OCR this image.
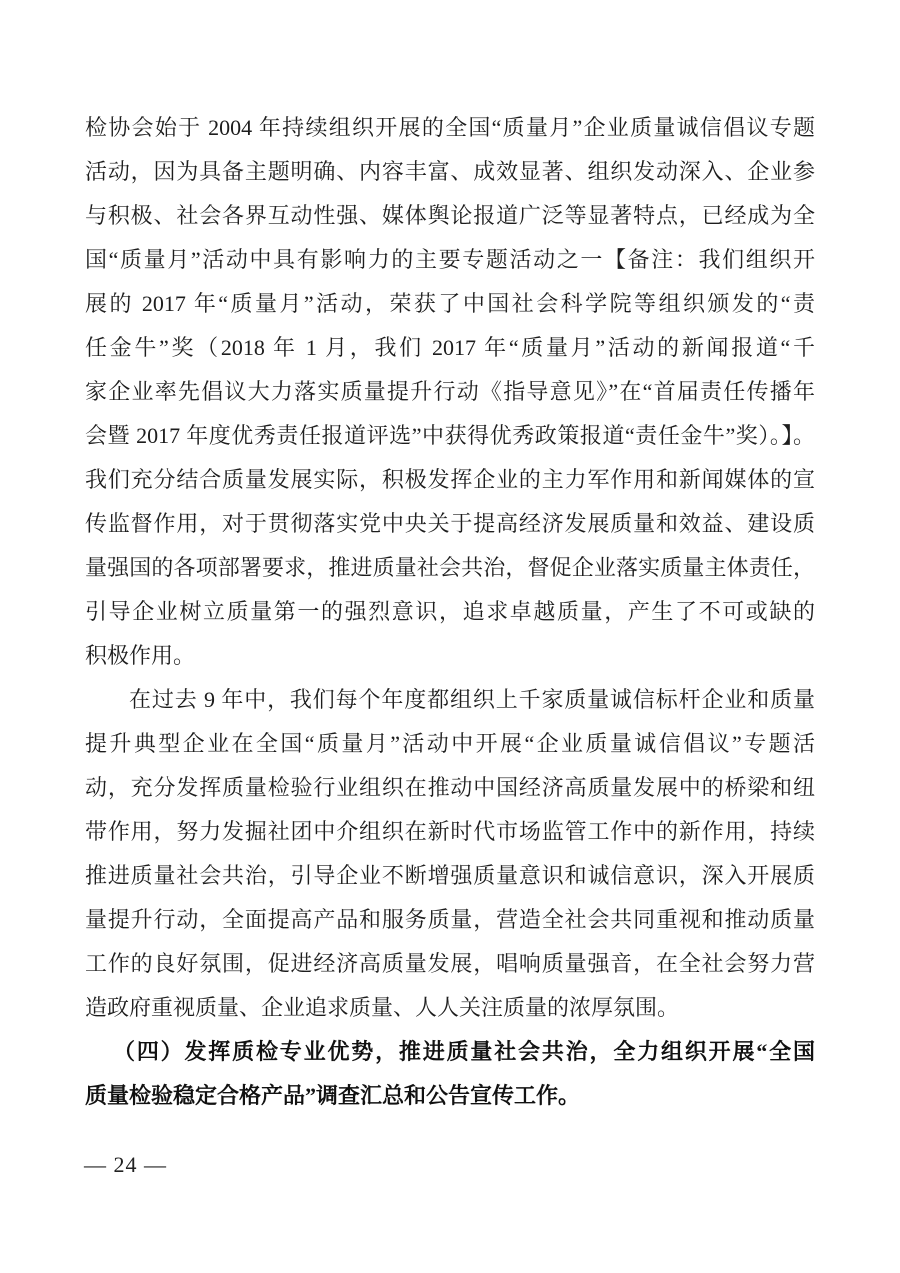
检协会始于 2004 年持续组织开展的全国“质量月”企业质量诚信倡议专题
活动，因为具备主题明确、内容丰富、成效显著、组织发动深入、企业参
与积极、社会各界互动性强、媒体舆论报道广泛等显著特点，已经成为全
国“质量月”活动中具有影响力的主要专题活动之一【备注：我们组织开
展的 2017 年“质量月”活动，荣获了中国社会科学院等组织颁发的“责
任金牛”奖（2018 年 1 月，我们 2017 年“质量月”活动的新闻报道“千
家企业率先倡议大力落实质量提升行动《指导意见》”在“首届责任传播年
会暨 2017 年度优秀责任报道评选”中获得优秀政策报道“责任金牛”奖）。】。
我们充分结合质量发展实际，积极发挥企业的主力军作用和新闻媒体的宣
传监督作用，对于贯彻落实党中央关于提高经济发展质量和效益、建设质
量强国的各项部署要求，推进质量社会共治，督促企业落实质量主体责任，
引导企业树立质量第一的强烈意识，追求卓越质量，产生了不可或缺的
积极作用。
在过去 9 年中，我们每个年度都组织上千家质量诚信标杆企业和质量
提升典型企业在全国“质量月”活动中开展“企业质量诚信倡议”专题活
动，充分发挥质量检验行业组织在推动中国经济高质量发展中的桥梁和纽
带作用，努力发掘社团中介组织在新时代市场监管工作中的新作用，持续
推进质量社会共治，引导企业不断增强质量意识和诚信意识，深入开展质
量提升行动，全面提高产品和服务质量，营造全社会共同重视和推动质量
工作的良好氛围，促进经济高质量发展，唱响质量强音，在全社会努力营
造政府重视质量、企业追求质量、人人关注质量的浓厚氛围。
（四）发挥质检专业优势，推进质量社会共治，全力组织开展“全国
质量检验稳定合格产品”调查汇总和公告宣传工作。
— 24 —
